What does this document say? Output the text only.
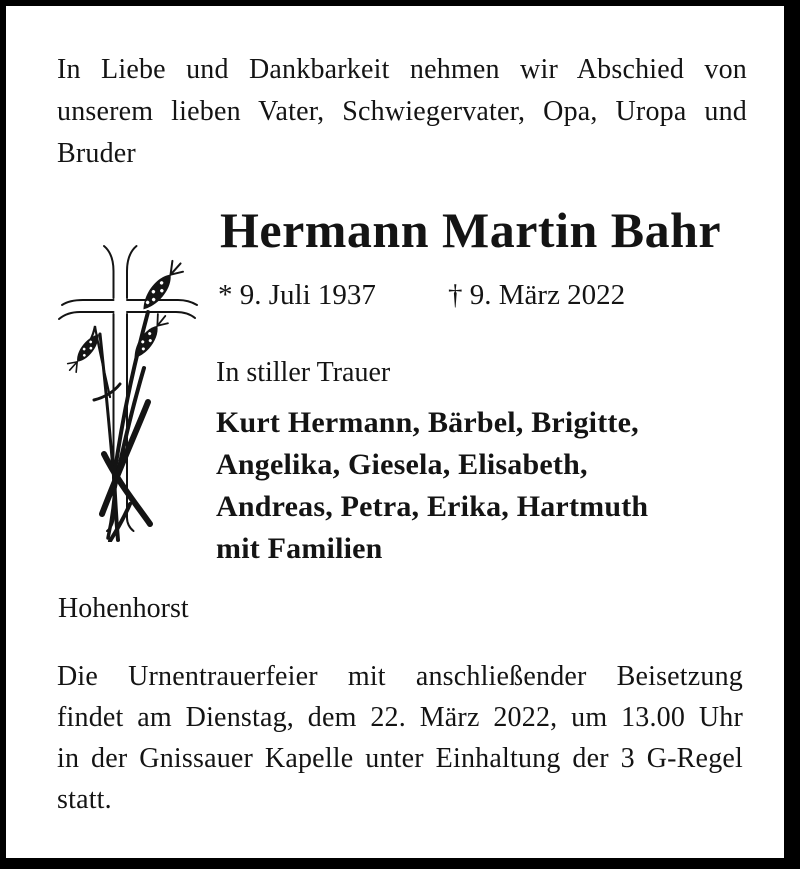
In Liebe und Dankbarkeit nehmen wir Abschied von
unserem lieben Vater, Schwiegervater, Opa, Uropa und
Bruder
Hermann Martin Bahr
* 9. Juli 1937 † 9. März 2022
In stiller Trauer
Kurt Hermann, Bärbel, Brigitte,
Angelika, Giesela, Elisabeth,
Andreas, Petra, Erika, Hartmuth
mit Familien
Hohenhorst
Die Urnentrauerfeier mit anschließender Beisetzung
findet am Dienstag, dem 22. März 2022, um 13.00 Uhr
in der Gnissauer Kapelle unter Einhaltung der 3 G-Regel
statt.
